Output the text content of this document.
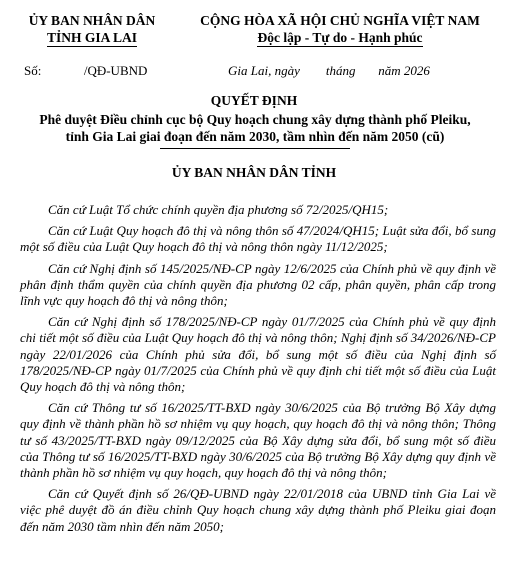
ỦY BAN NHÂN DÂN
TỈNH GIA LAI
CỘNG HÒA XÃ HỘI CHỦ NGHĨA VIỆT NAM
Độc lập - Tự do - Hạnh phúc
Số:	/QĐ-UBND	Gia Lai, ngày        tháng       năm 2026
QUYẾT ĐỊNH
Phê duyệt Điều chỉnh cục bộ Quy hoạch chung xây dựng thành phố Pleiku,
tỉnh Gia Lai giai đoạn đến năm 2030, tầm nhìn đến năm 2050 (cũ)
ỦY BAN NHÂN DÂN TỈNH

Căn cứ Luật Tổ chức chính quyền địa phương số 72/2025/QH15;

Căn cứ Luật Quy hoạch đô thị và nông thôn số 47/2024/QH15; Luật sửa đổi, bổ sung một số điều của Luật Quy hoạch đô thị và nông thôn ngày 11/12/2025;

Căn cứ Nghị định số 145/2025/NĐ-CP ngày 12/6/2025 của Chính phủ về quy định về phân định thẩm quyền của chính quyền địa phương 02 cấp, phân quyền, phân cấp trong lĩnh vực quy hoạch đô thị và nông thôn;

Căn cứ Nghị định số 178/2025/NĐ-CP ngày 01/7/2025 của Chính phủ về quy định chi tiết một số điều của Luật Quy hoạch đô thị và nông thôn; Nghị định số 34/2026/NĐ-CP ngày 22/01/2026 của Chính phủ sửa đổi, bổ sung một số điều của Nghị định số 178/2025/NĐ-CP ngày 01/7/2025 của Chính phủ về quy định chi tiết một số điều của Luật Quy hoạch đô thị và nông thôn;

Căn cứ Thông tư số 16/2025/TT-BXD ngày 30/6/2025 của Bộ trưởng Bộ Xây dựng quy định về thành phần hồ sơ nhiệm vụ quy hoạch, quy hoạch đô thị và nông thôn; Thông tư số 43/2025/TT-BXD ngày 09/12/2025 của Bộ Xây dựng sửa đổi, bổ sung một số điều của Thông tư số 16/2025/TT-BXD ngày 30/6/2025 của Bộ trưởng Bộ Xây dựng quy định về thành phần hồ sơ nhiệm vụ quy hoạch, quy hoạch đô thị và nông thôn;

Căn cứ Quyết định số 26/QĐ-UBND ngày 22/01/2018 của UBND tỉnh Gia Lai về việc phê duyệt đồ án điều chỉnh Quy hoạch chung xây dựng thành phố Pleiku giai đoạn đến năm 2030 tầm nhìn đến năm 2050;
